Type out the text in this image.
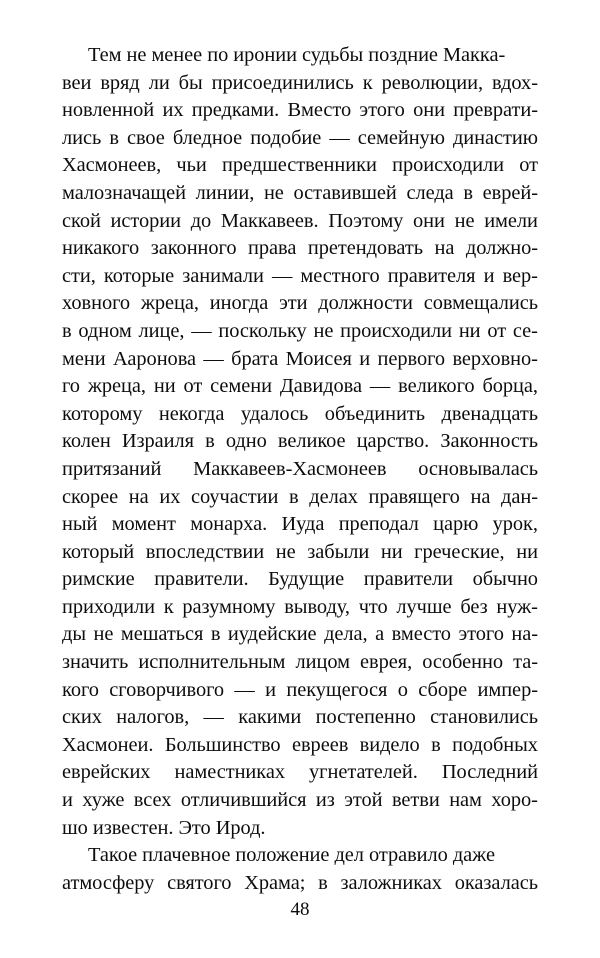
Тем не менее по иронии судьбы поздние Макка-
веи вряд ли бы присоединились к революции, вдох-
новленной их предками. Вместо этого они преврати-
лись в свое бледное подобие — семейную династию
Хасмонеев, чьи предшественники происходили от
малозначащей линии, не оставившей следа в еврей-
ской истории до Маккавеев. Поэтому они не имели
никакого законного права претендовать на должно-
сти, которые занимали — местного правителя и вер-
ховного жреца, иногда эти должности совмещались
в одном лице, — поскольку не происходили ни от се-
мени Ааронова — брата Моисея и первого верховно-
го жреца, ни от семени Давидова — великого борца,
которому некогда удалось объединить двенадцать
колен Израиля в одно великое царство. Законность
притязаний Маккавеев-Хасмонеев основывалась
скорее на их соучастии в делах правящего на дан-
ный момент монарха. Иуда преподал царю урок,
который впоследствии не забыли ни греческие, ни
римские правители. Будущие правители обычно
приходили к разумному выводу, что лучше без нуж-
ды не мешаться в иудейские дела, а вместо этого на-
значить исполнительным лицом еврея, особенно та-
кого сговорчивого — и пекущегося о сборе импер-
ских налогов, — какими постепенно становились
Хасмонеи. Большинство евреев видело в подобных
еврейских наместниках угнетателей. Последний
и хуже всех отличившийся из этой ветви нам хоро-
шо известен. Это Ирод.
Такое плачевное положение дел отравило даже
атмосферу святого Храма; в заложниках оказалась
48
